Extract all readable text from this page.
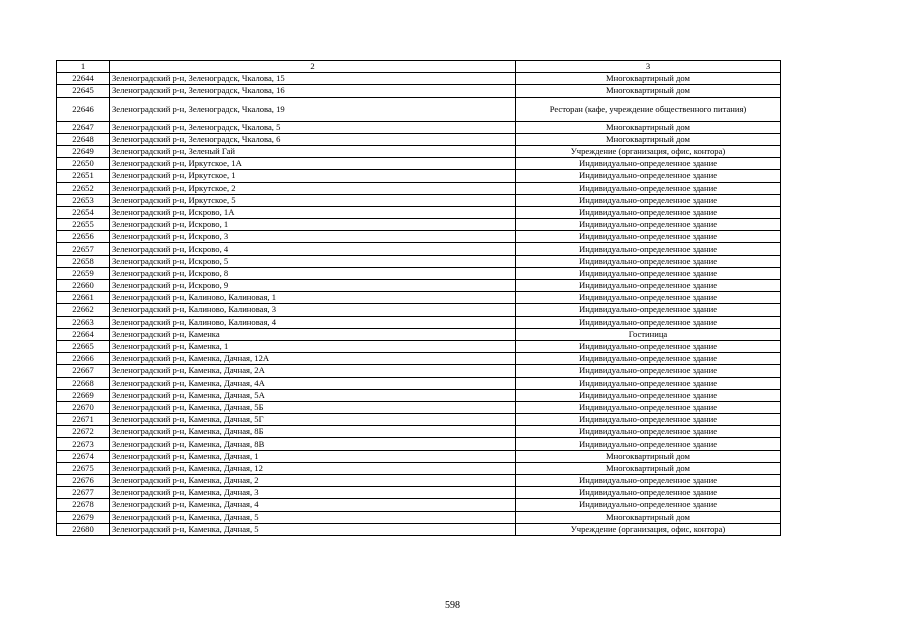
1	2	3
22644	Зеленоградский р-н, Зеленоградск, Чкалова, 15	Многоквартирный дом
22645	Зеленоградский р-н, Зеленоградск, Чкалова, 16	Многоквартирный дом
22646	Зеленоградский р-н, Зеленоградск, Чкалова, 19	Ресторан (кафе, учреждение общественного питания)
22647	Зеленоградский р-н, Зеленоградск, Чкалова, 5	Многоквартирный дом
22648	Зеленоградский р-н, Зеленоградск, Чкалова, 6	Многоквартирный дом
22649	Зеленоградский р-н, Зеленый Гай	Учреждение (организация, офис, контора)
22650	Зеленоградский р-н, Иркутское, 1А	Индивидуально-определенное здание
22651	Зеленоградский р-н, Иркутское, 1	Индивидуально-определенное здание
22652	Зеленоградский р-н, Иркутское, 2	Индивидуально-определенное здание
22653	Зеленоградский р-н, Иркутское, 5	Индивидуально-определенное здание
22654	Зеленоградский р-н, Искрово, 1А	Индивидуально-определенное здание
22655	Зеленоградский р-н, Искрово, 1	Индивидуально-определенное здание
22656	Зеленоградский р-н, Искрово, 3	Индивидуально-определенное здание
22657	Зеленоградский р-н, Искрово, 4	Индивидуально-определенное здание
22658	Зеленоградский р-н, Искрово, 5	Индивидуально-определенное здание
22659	Зеленоградский р-н, Искрово, 8	Индивидуально-определенное здание
22660	Зеленоградский р-н, Искрово, 9	Индивидуально-определенное здание
22661	Зеленоградский р-н, Калиново, Калиновая, 1	Индивидуально-определенное здание
22662	Зеленоградский р-н, Калиново, Калиновая, 3	Индивидуально-определенное здание
22663	Зеленоградский р-н, Калиново, Калиновая, 4	Индивидуально-определенное здание
22664	Зеленоградский р-н, Каменка	Гостиница
22665	Зеленоградский р-н, Каменка, 1	Индивидуально-определенное здание
22666	Зеленоградский р-н, Каменка, Дачная, 12А	Индивидуально-определенное здание
22667	Зеленоградский р-н, Каменка, Дачная, 2А	Индивидуально-определенное здание
22668	Зеленоградский р-н, Каменка, Дачная, 4А	Индивидуально-определенное здание
22669	Зеленоградский р-н, Каменка, Дачная, 5А	Индивидуально-определенное здание
22670	Зеленоградский р-н, Каменка, Дачная, 5Б	Индивидуально-определенное здание
22671	Зеленоградский р-н, Каменка, Дачная, 5Г	Индивидуально-определенное здание
22672	Зеленоградский р-н, Каменка, Дачная, 8Б	Индивидуально-определенное здание
22673	Зеленоградский р-н, Каменка, Дачная, 8В	Индивидуально-определенное здание
22674	Зеленоградский р-н, Каменка, Дачная, 1	Многоквартирный дом
22675	Зеленоградский р-н, Каменка, Дачная, 12	Многоквартирный дом
22676	Зеленоградский р-н, Каменка, Дачная, 2	Индивидуально-определенное здание
22677	Зеленоградский р-н, Каменка, Дачная, 3	Индивидуально-определенное здание
22678	Зеленоградский р-н, Каменка, Дачная, 4	Индивидуально-определенное здание
22679	Зеленоградский р-н, Каменка, Дачная, 5	Многоквартирный дом
22680	Зеленоградский р-н, Каменка, Дачная, 5	Учреждение (организация, офис, контора)
598
